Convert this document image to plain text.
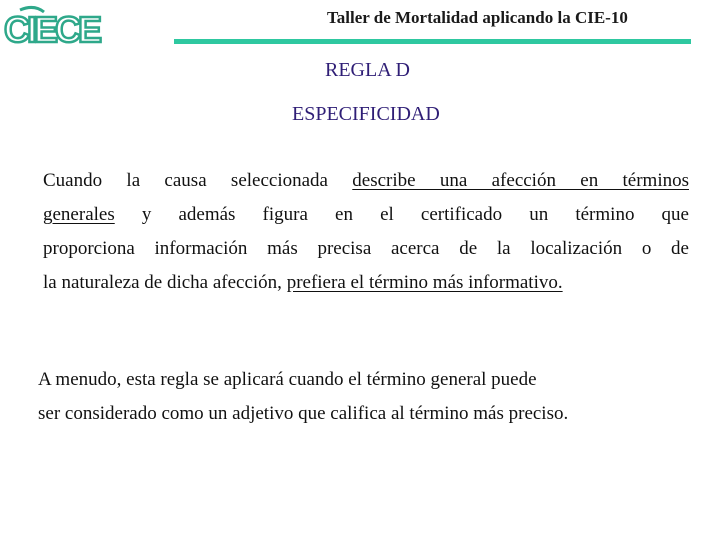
CIECE	Taller de Mortalidad aplicando la CIE-10
REGLA D
ESPECIFICIDAD
Cuando la causa seleccionada describe una afección en términos
generales y además figura en el certificado un término que
proporciona información más precisa acerca de la localización o de
la naturaleza de dicha afección, prefiera el término más informativo.
A menudo, esta regla se aplicará cuando el término general puede
ser considerado como un adjetivo que califica al término más preciso.
